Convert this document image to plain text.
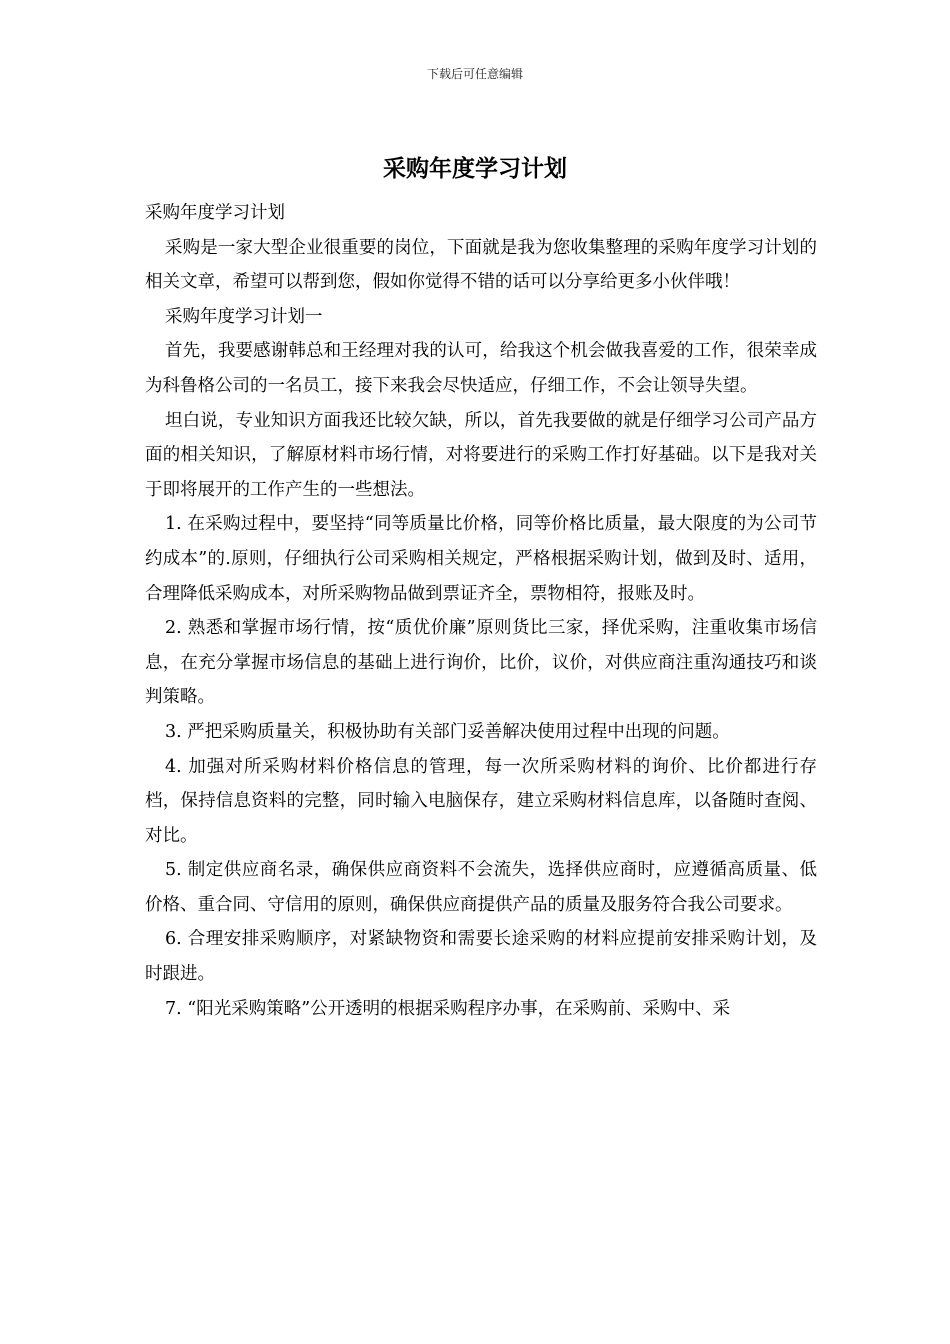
下载后可任意编辑
采购年度学习计划

采购年度学习计划

采购是一家大型企业很重要的岗位，下面就是我为您收集整理的采购年度学习计划的相关文章，希望可以帮到您，假如你觉得不错的话可以分享给更多小伙伴哦！

采购年度学习计划一

首先，我要感谢韩总和王经理对我的认可，给我这个机会做我喜爱的工作，很荣幸成为科鲁格公司的一名员工，接下来我会尽快适应，仔细工作，不会让领导失望。

坦白说，专业知识方面我还比较欠缺，所以，首先我要做的就是仔细学习公司产品方面的相关知识，了解原材料市场行情，对将要进行的采购工作打好基础。以下是我对关于即将展开的工作产生的一些想法。

1. 在采购过程中，要坚持“同等质量比价格，同等价格比质量，最大限度的为公司节约成本”的.原则，仔细执行公司采购相关规定，严格根据采购计划，做到及时、适用，合理降低采购成本，对所采购物品做到票证齐全，票物相符，报账及时。

2. 熟悉和掌握市场行情，按“质优价廉”原则货比三家，择优采购，注重收集市场信息，在充分掌握市场信息的基础上进行询价，比价，议价，对供应商注重沟通技巧和谈判策略。

3. 严把采购质量关，积极协助有关部门妥善解决使用过程中出现的问题。

4. 加强对所采购材料价格信息的管理，每一次所采购材料的询价、比价都进行存档，保持信息资料的完整，同时输入电脑保存，建立采购材料信息库，以备随时查阅、对比。

5. 制定供应商名录，确保供应商资料不会流失，选择供应商时，应遵循高质量、低价格、重合同、守信用的原则，确保供应商提供产品的质量及服务符合我公司要求。

6. 合理安排采购顺序，对紧缺物资和需要长途采购的材料应提前安排采购计划，及时跟进。

7. “阳光采购策略”公开透明的根据采购程序办事，在采购前、采购中、采
